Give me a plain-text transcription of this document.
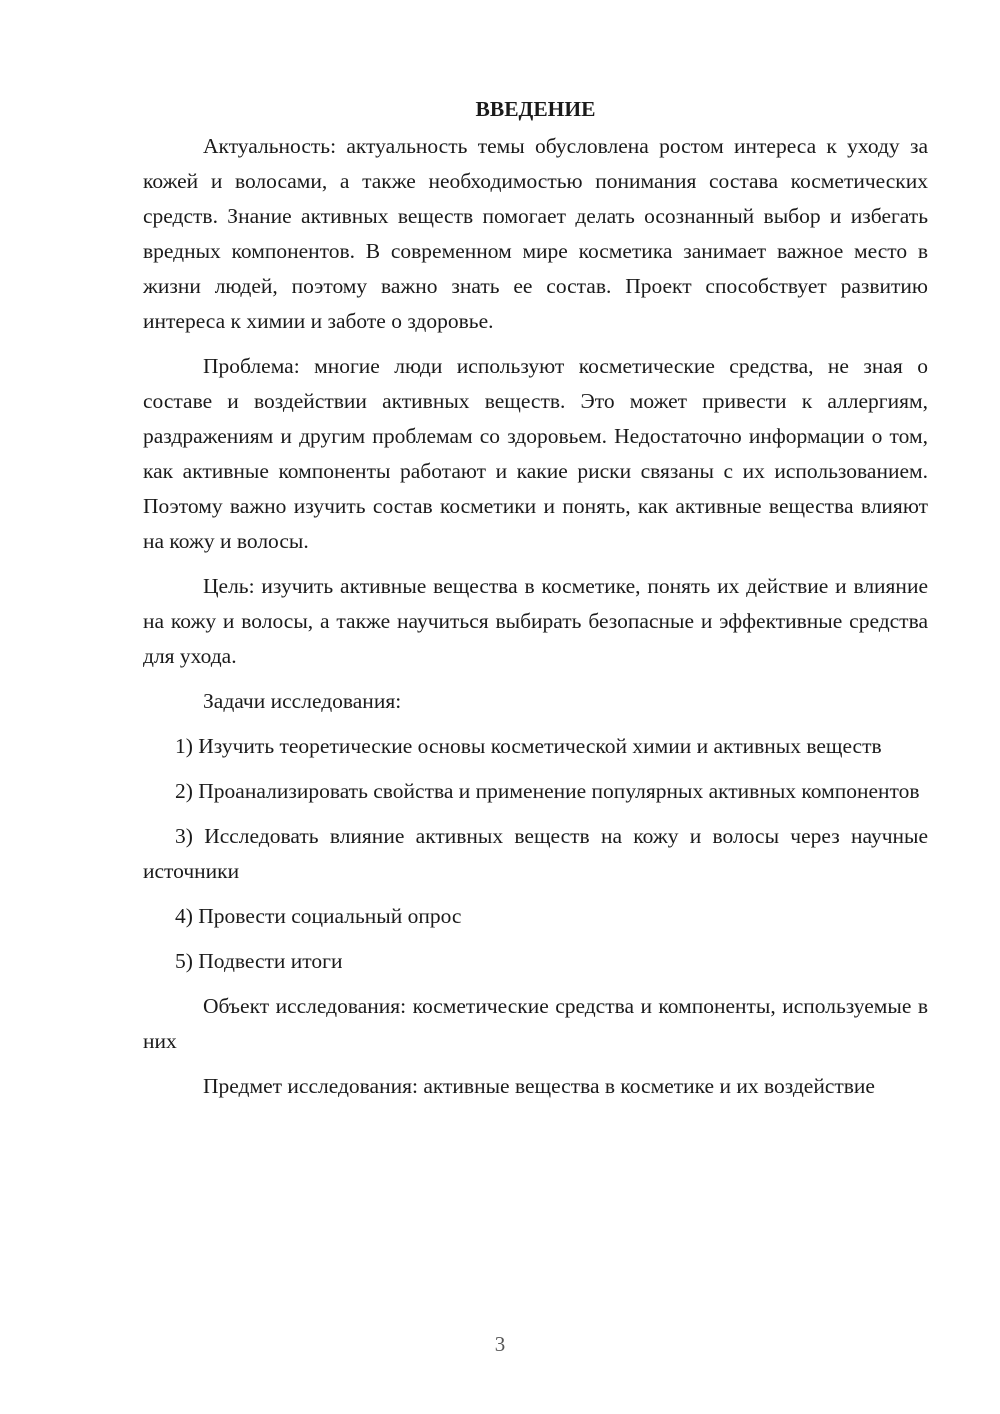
ВВЕДЕНИЕ

Актуальность: актуальность темы обусловлена ростом интереса к уходу за кожей и волосами, а также необходимостью понимания состава косметических средств. Знание активных веществ помогает делать осознанный выбор и избегать вредных компонентов. В современном мире косметика занимает важное место в жизни людей, поэтому важно знать ее состав. Проект способствует развитию интереса к химии и заботе о здоровье.

Проблема: многие люди используют косметические средства, не зная о составе и воздействии активных веществ. Это может привести к аллергиям, раздражениям и другим проблемам со здоровьем. Недостаточно информации о том, как активные компоненты работают и какие риски связаны с их использованием. Поэтому важно изучить состав косметики и понять, как активные вещества влияют на кожу и волосы.

Цель: изучить активные вещества в косметике, понять их действие и влияние на кожу и волосы, а также научиться выбирать безопасные и эффективные средства для ухода.

Задачи исследования:

1) Изучить теоретические основы косметической химии и активных веществ

2) Проанализировать свойства и применение популярных активных компонентов

3) Исследовать влияние активных веществ на кожу и волосы через научные источники

4) Провести социальный опрос

5) Подвести итоги

Объект исследования: косметические средства и компоненты, используемые в них

Предмет исследования: активные вещества в косметике и их воздействие

3
